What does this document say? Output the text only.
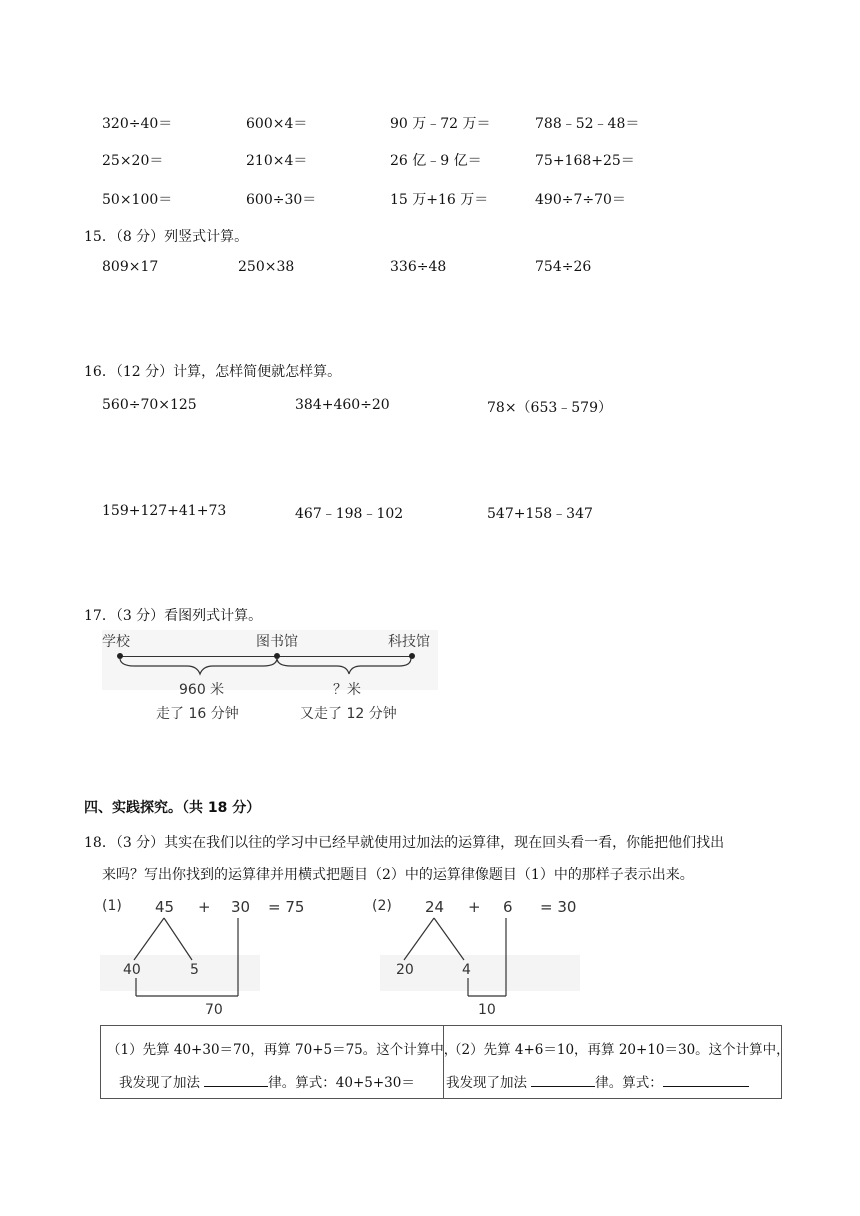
320÷40＝	600×4＝	90 万﹣72 万＝	788﹣52﹣48＝
25×20＝	210×4＝	26 亿﹣9 亿＝	75+168+25＝
50×100＝	600÷30＝	15 万+16 万＝	490÷7÷70＝
15．（8 分）列竖式计算。
809×17	250×38	336÷48	754÷26
16．（12 分）计算，怎样简便就怎样算。
560÷70×125	384+460÷20	78×（653﹣579）
159+127+41+73	467﹣198﹣102	547+158﹣347
17．（3 分）看图列式计算。
学校	图书馆	科技馆
960 米
走了 16 分钟
？米
又走了 12 分钟
四、实践探究。（共 18 分）
18．（3 分）其实在我们以往的学习中已经早就使用过加法的运算律，现在回头看一看，你能把他们找出
来吗？写出你找到的运算律并用横式把题目（2）中的运算律像题目（1）中的那样子表示出来。
(1) 45 + 30 = 75
40	5
70
(2) 24 + 6 = 30
20	4
10
（1）先算 40+30＝70，再算 70+5＝75。这个计算中，
我发现了加法	律。算式：40+5+30＝
（2）先算 4+6＝10，再算 20+10＝30。这个计算中，
我发现了加法	律。算式：
